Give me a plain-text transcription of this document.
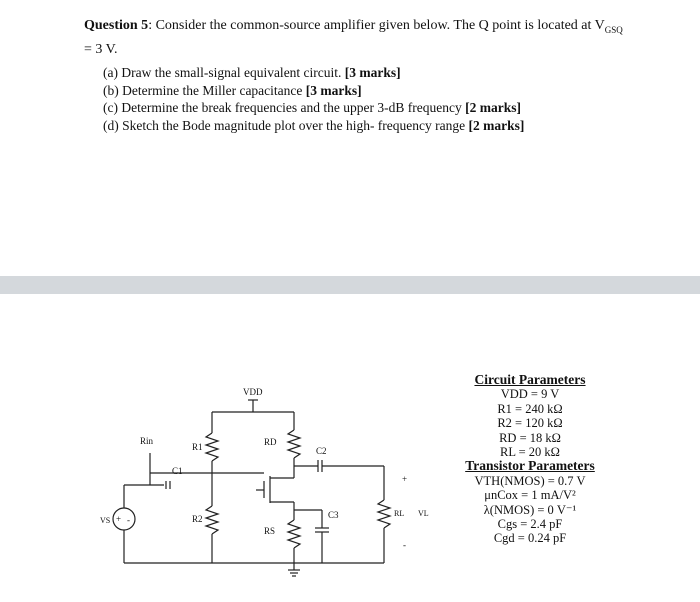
Question 5: Consider the common-source amplifier given below. The Q point is located at $V_{GSQ}$
= 3 V.
(a) Draw the small-signal equivalent circuit. [3 marks]
(b) Determine the Miller capacitance [3 marks]
(c) Determine the break frequencies and the upper 3-dB frequency [2 marks]
(d) Sketch the Bode magnitude plot over the high- frequency range [2 marks]
VDD
R1
R2
C1
Rin
+ -
VS
RD
C2
RS
C3	RL VL
+
-
Circuit Parameters
VDD = 9 V
R1 = 240 kΩ
R2 = 120 kΩ
RD = 18 kΩ
RL = 20 kΩ
Transistor Parameters
VTH(NMOS) = 0.7 V
μnCox = 1 mA/V²
λ(NMOS) = 0 V⁻¹
Cgs = 2.4 pF
Cgd = 0.24 pF
